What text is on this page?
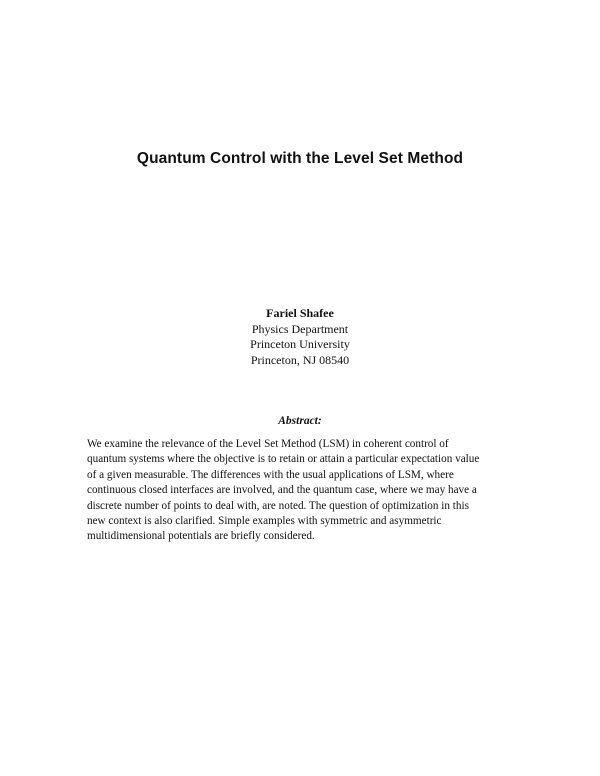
Quantum Control with the Level Set Method
Fariel Shafee
Physics Department
Princeton University
Princeton, NJ 08540
Abstract:
We examine the relevance of the Level Set Method (LSM) in coherent control of
quantum systems where the objective is to retain or attain a particular expectation value
of a given measurable. The differences with the usual applications of LSM, where
continuous closed interfaces are involved, and the quantum case, where we may have a
discrete number of points to deal with, are noted. The question of optimization in this
new context is also clarified. Simple examples with symmetric and asymmetric
multidimensional potentials are briefly considered.
